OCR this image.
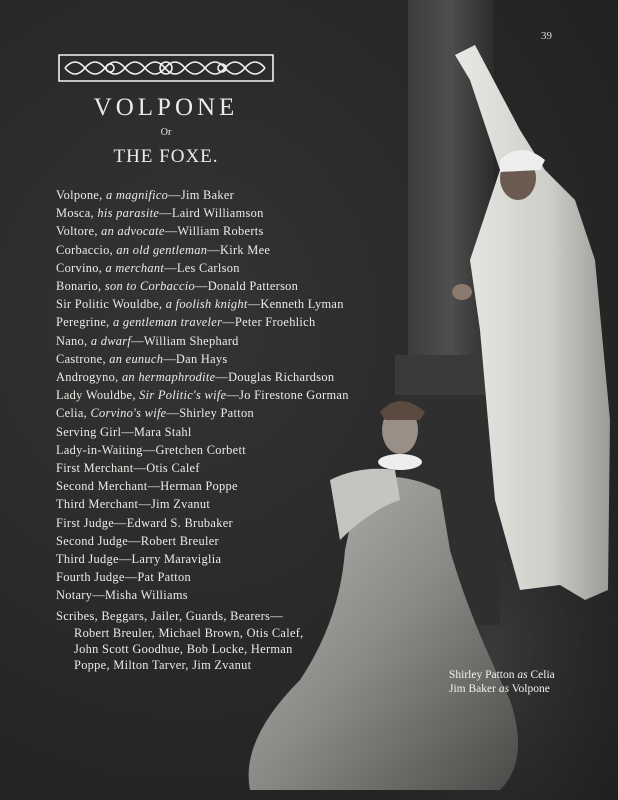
39
VOLPONE
Or
THE FOXE.
Volpone, a magnifico—Jim Baker
Mosca, his parasite—Laird Williamson
Voltore, an advocate—William Roberts
Corbaccio, an old gentleman—Kirk Mee
Corvino, a merchant—Les Carlson
Bonario, son to Corbaccio—Donald Patterson
Sir Politic Wouldbe, a foolish knight—Kenneth Lyman
Peregrine, a gentleman traveler—Peter Froehlich
Nano, a dwarf—William Shephard
Castrone, an eunuch—Dan Hays
Androgyno, an hermaphrodite—Douglas Richardson
Lady Wouldbe, Sir Politic's wife—Jo Firestone Gorman
Celia, Corvino's wife—Shirley Patton
Serving Girl—Mara Stahl
Lady-in-Waiting—Gretchen Corbett
First Merchant—Otis Calef
Second Merchant—Herman Poppe
Third Merchant—Jim Zvanut
First Judge—Edward S. Brubaker
Second Judge—Robert Breuler
Third Judge—Larry Maraviglia
Fourth Judge—Pat Patton
Notary—Misha Williams
Scribes, Beggars, Jailer, Guards, Bearers—
Robert Breuler, Michael Brown, Otis Calef,
John Scott Goodhue, Bob Locke, Herman
Poppe, Milton Tarver, Jim Zvanut
Shirley Patton as Celia
Jim Baker as Volpone
